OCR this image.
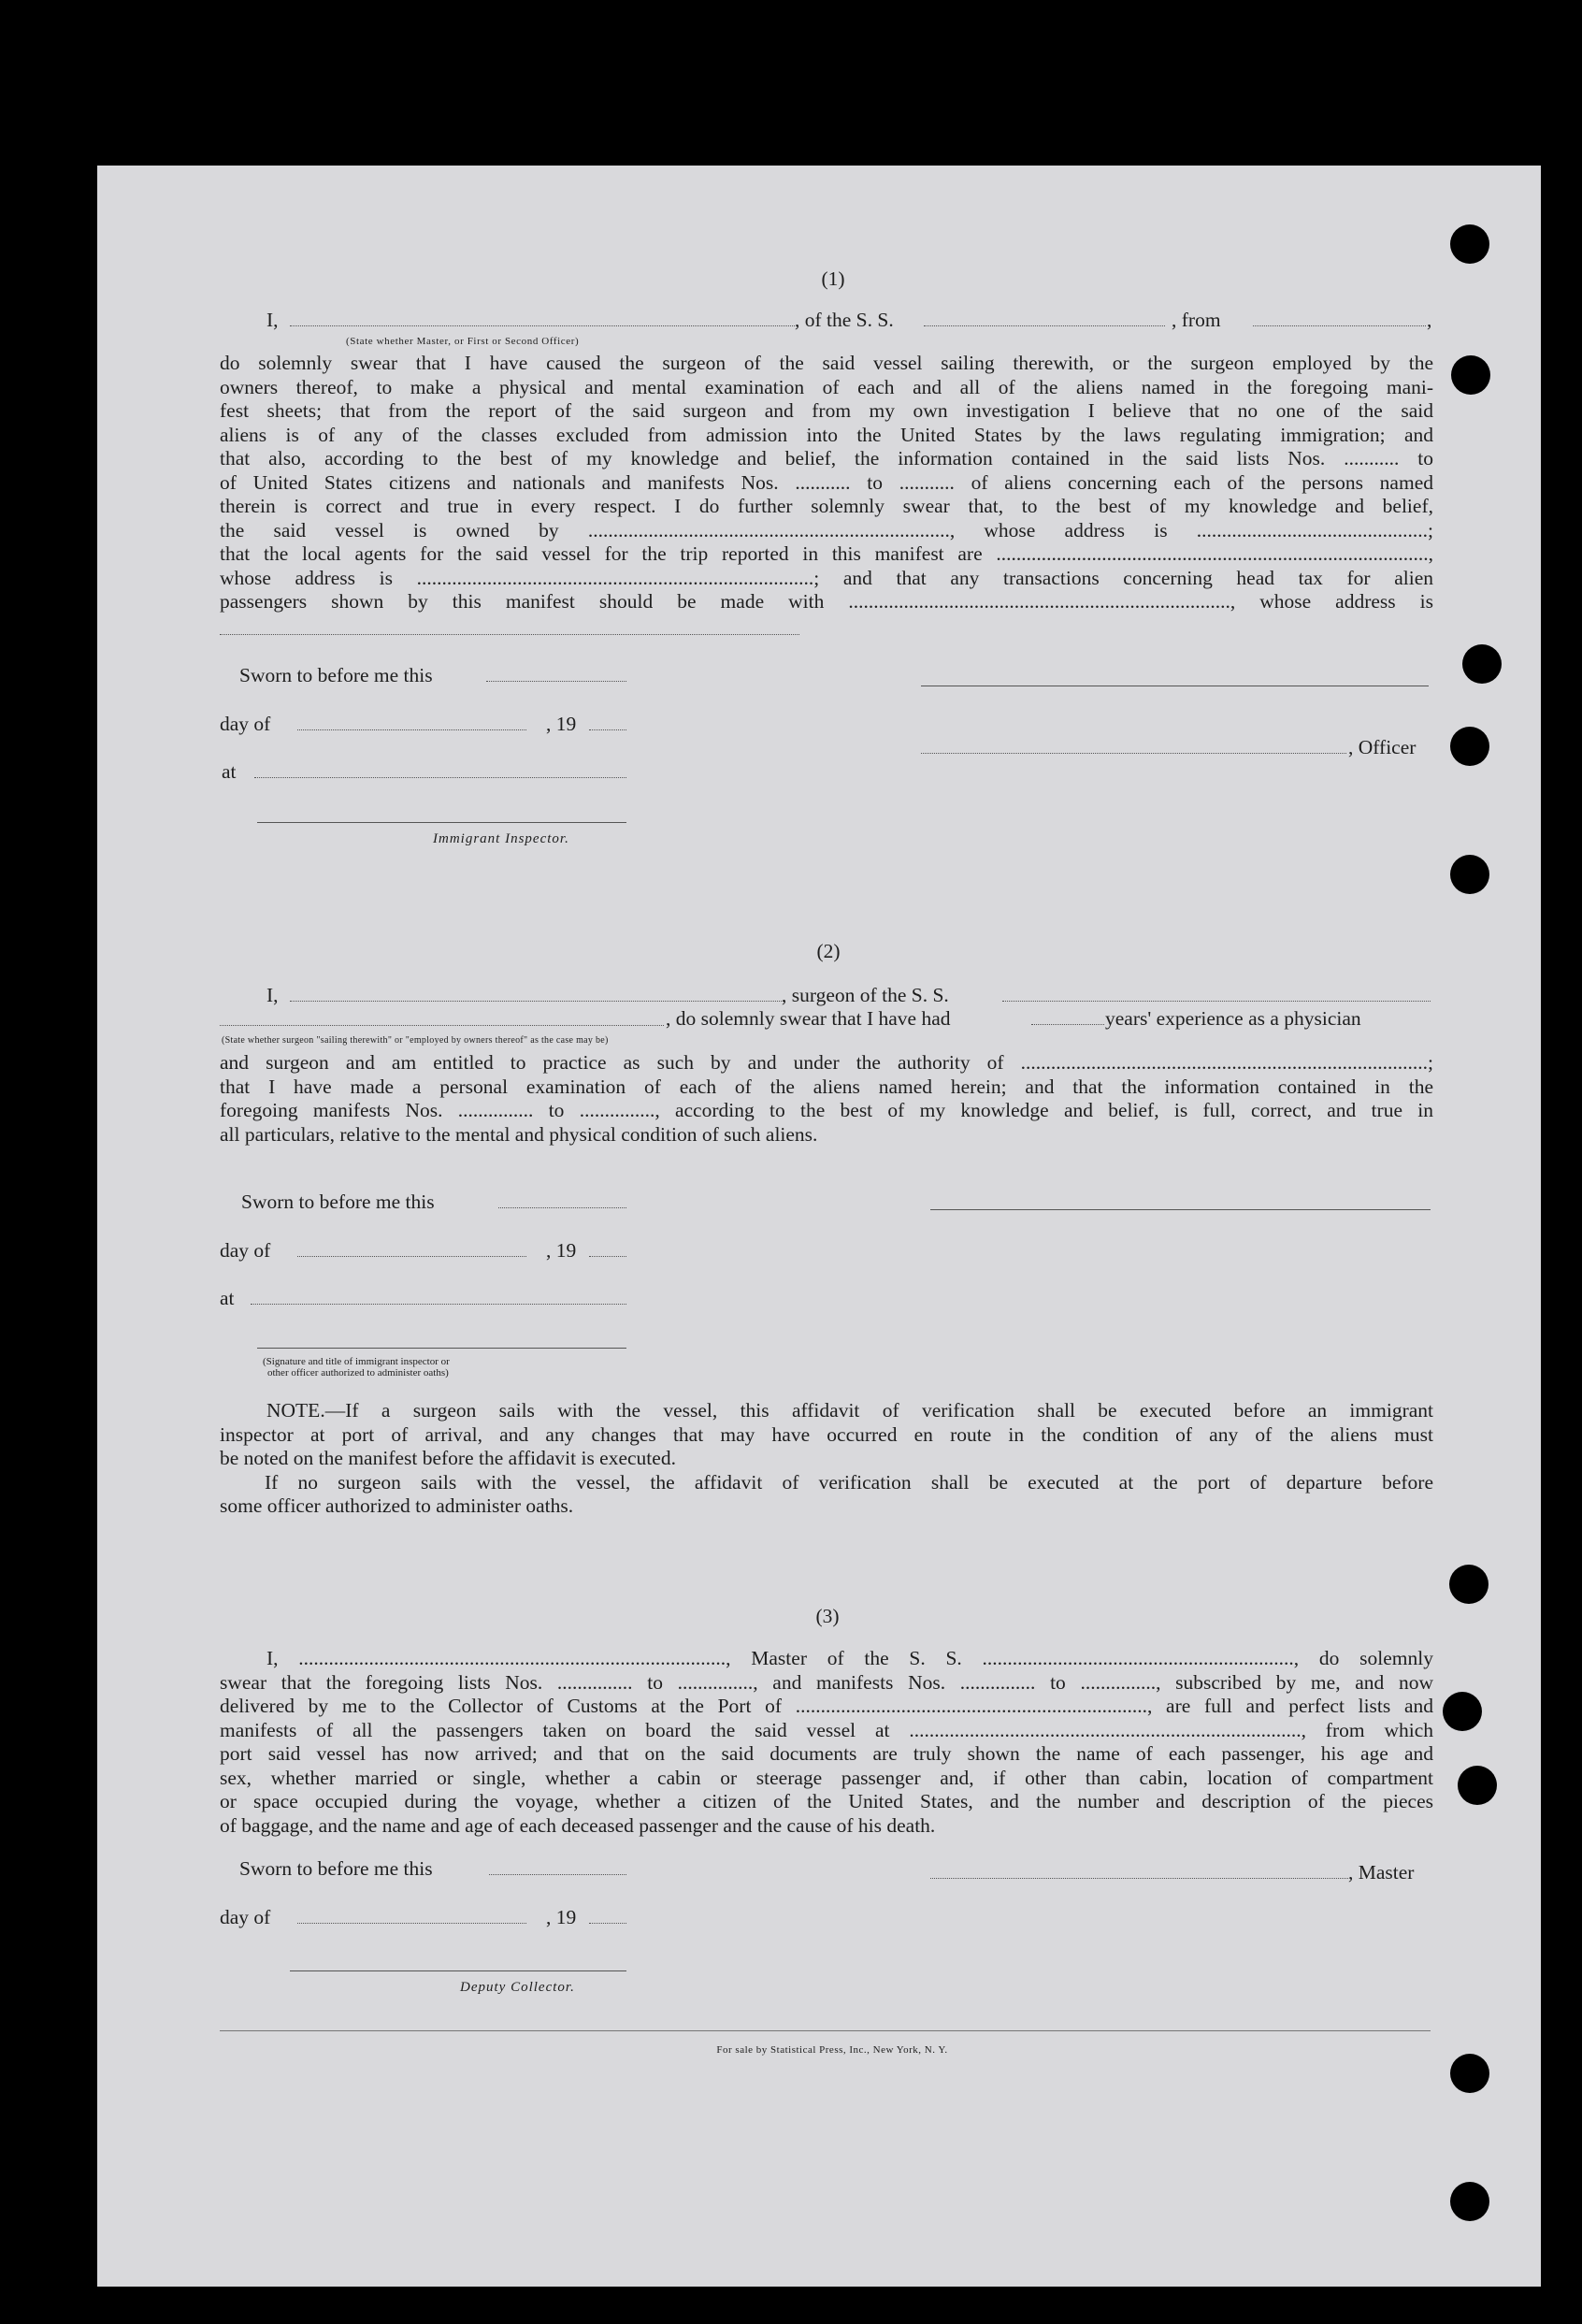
(1)
I,
(State whether Master, or First or Second Officer)
, of the S. S.	, from	,
do solemnly swear that I have caused the surgeon of the said vessel sailing therewith, or the surgeon employed by the
owners thereof, to make a physical and mental examination of each and all of the aliens named in the foregoing mani-
fest sheets; that from the report of the said surgeon and from my own investigation I believe that no one of the said
aliens is of any of the classes excluded from admission into the United States by the laws regulating immigration; and
that also, according to the best of my knowledge and belief, the information contained in the said lists Nos. ........... to
of United States citizens and nationals and manifests Nos. ........... to ........... of aliens concerning each of the persons named
therein is correct and true in every respect. I do further solemnly swear that, to the best of my knowledge and belief,
the said vessel is owned by ........................................................................, whose address is ..............................................;
that the local agents for the said vessel for the trip reported in this manifest are ......................................................................................,
whose address is ...............................................................................; and that any transactions concerning head tax for alien
passengers shown by this manifest should be made with ............................................................................, whose address is
Sworn to before me this
day of	, 19
, Officer
at
Immigrant Inspector.
(2)
I,	, surgeon of the S. S.
(State whether surgeon "sailing therewith" or "employed by owners thereof" as the case may be)
, do solemnly swear that I have had	years' experience as a physician
and surgeon and am entitled to practice as such by and under the authority of .................................................................................;
that I have made a personal examination of each of the aliens named herein; and that the information contained in the
foregoing manifests Nos. ............... to ..............., according to the best of my knowledge and belief, is full, correct, and true in
all particulars, relative to the mental and physical condition of such aliens.
Sworn to before me this
day of	, 19
at
(Signature and title of immigrant inspector or
other officer authorized to administer oaths)
NOTE.—If a surgeon sails with the vessel, this affidavit of verification shall be executed before an immigrant
inspector at port of arrival, and any changes that may have occurred en route in the condition of any of the aliens must
be noted on the manifest before the affidavit is executed.
If no surgeon sails with the vessel, the affidavit of verification shall be executed at the port of departure before
some officer authorized to administer oaths.
(3)
I, ....................................................................................., Master of the S. S. .............................................................., do solemnly
swear that the foregoing lists Nos. ............... to ..............., and manifests Nos. ............... to ..............., subscribed by me, and now
delivered by me to the Collector of Customs at the Port of ......................................................................, are full and perfect lists and
manifests of all the passengers taken on board the said vessel at .............................................................................., from which
port said vessel has now arrived; and that on the said documents are truly shown the name of each passenger, his age and
sex, whether married or single, whether a cabin or steerage passenger and, if other than cabin, location of compartment
or space occupied during the voyage, whether a citizen of the United States, and the number and description of the pieces
of baggage, and the name and age of each deceased passenger and the cause of his death.
Sworn to before me this	, Master
day of	, 19
Deputy Collector.
For sale by Statistical Press, Inc., New York, N. Y.
